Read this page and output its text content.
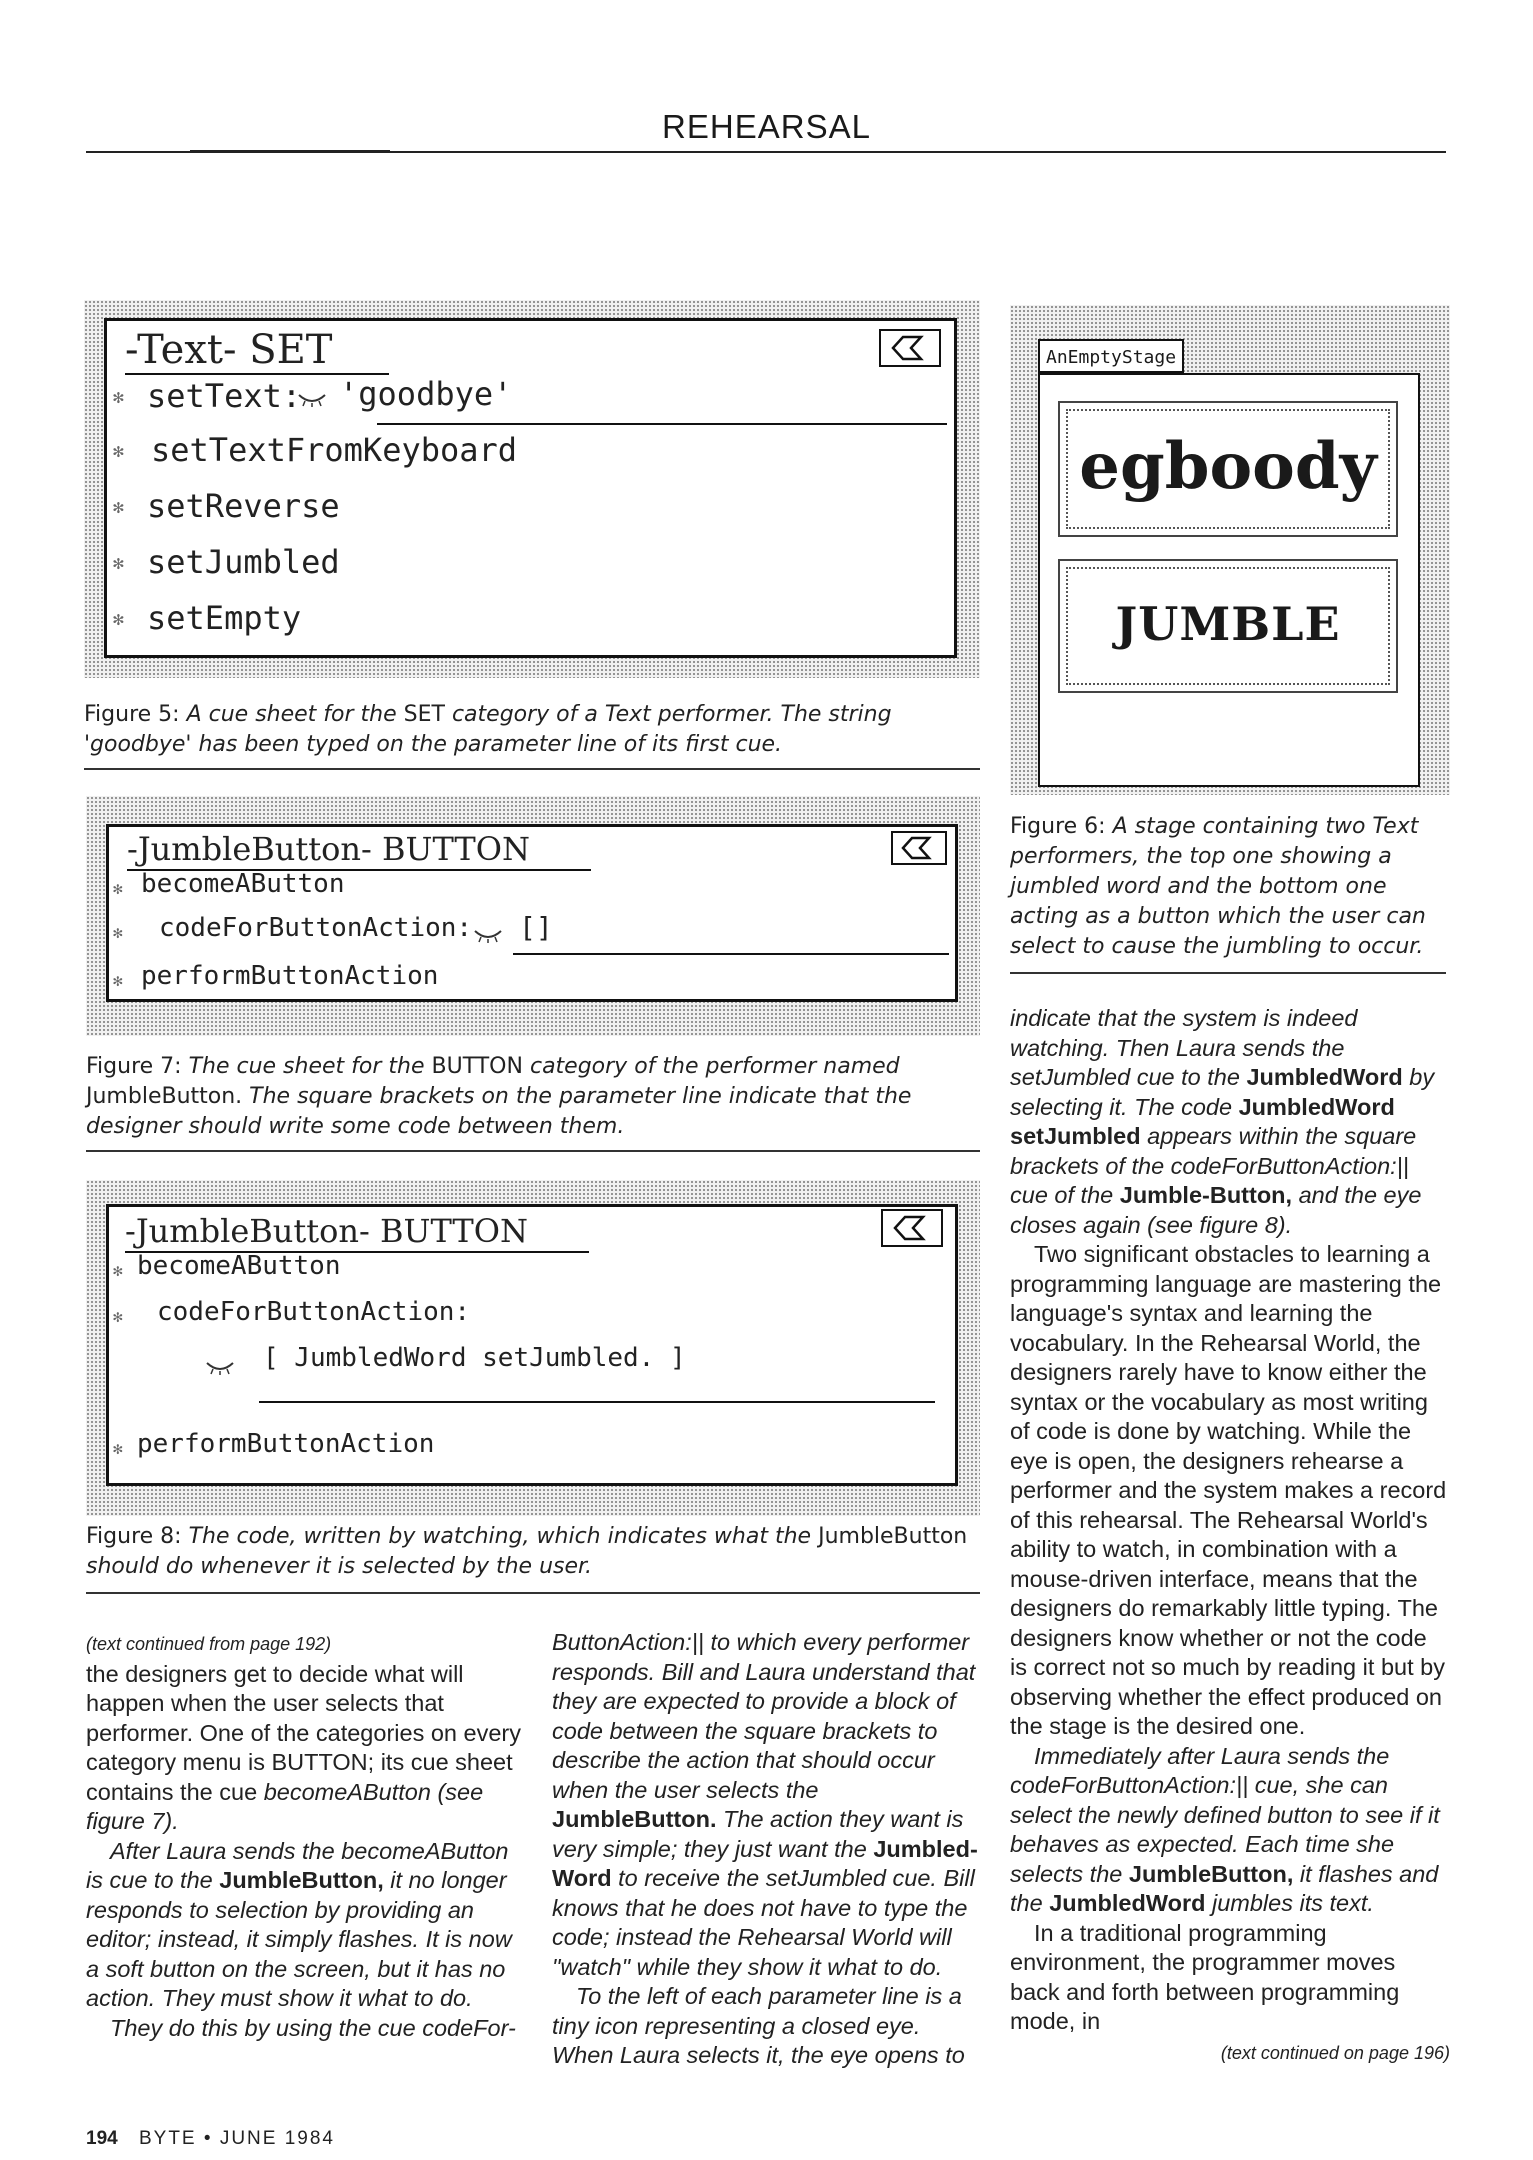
REHEARSAL
-Text- SET
✻ setText: 'goodbye'
✻ setTextFromKeyboard
✻ setReverse
✻ setJumbled
✻ setEmpty
Figure 5: A cue sheet for the SET category of a Text performer. The string 'goodbye' has been typed on the parameter line of its first cue.
AnEmptyStage
egboody
JUMBLE
Figure 6: A stage containing two Text performers, the top one showing a jumbled word and the bottom one acting as a button which the user can select to cause the jumbling to occur.
-JumbleButton- BUTTON
✻ becomeAButton
✻ codeForButtonAction: []
✻ performButtonAction
Figure 7: The cue sheet for the BUTTON category of the performer named JumbleButton. The square brackets on the parameter line indicate that the designer should write some code between them.
-JumbleButton- BUTTON
✻ becomeAButton
✻ codeForButtonAction:
[ JumbledWord setJumbled. ]
✻ performButtonAction
Figure 8: The code, written by watching, which indicates what the JumbleButton should do whenever it is selected by the user.

(text continued from page 192)

the designers get to decide what will happen when the user selects that performer. One of the categories on every category menu is BUTTON; its cue sheet contains the cue becomeAButton (see figure 7).

After Laura sends the becomeAButton is cue to the JumbleButton, it no longer responds to selection by providing an editor; instead, it simply flashes. It is now a soft button on the screen, but it has no action. They must show it what to do.

They do this by using the cue codeFor-

ButtonAction:|| to which every performer responds. Bill and Laura understand that they are expected to provide a block of code between the square brackets to describe the action that should occur when the user selects the JumbleButton. The action they want is very simple; they just want the Jumbled-Word to receive the setJumbled cue. Bill knows that he does not have to type the code; instead the Rehearsal World will "watch" while they show it what to do.

To the left of each parameter line is a tiny icon representing a closed eye. When Laura selects it, the eye opens to

indicate that the system is indeed watching. Then Laura sends the setJumbled cue to the JumbledWord by selecting it. The code JumbledWord setJumbled appears within the square brackets of the codeForButtonAction:|| cue of the Jumble-Button, and the eye closes again (see figure 8).

Two significant obstacles to learning a programming language are mastering the language's syntax and learning the vocabulary. In the Rehearsal World, the designers rarely have to know either the syntax or the vocabulary as most writing of code is done by watching. While the eye is open, the designers rehearse a performer and the system makes a record of this rehearsal. The Rehearsal World's ability to watch, in combination with a mouse-driven interface, means that the designers do remarkably little typing. The designers know whether or not the code is correct not so much by reading it but by observing whether the effect produced on the stage is the desired one.

Immediately after Laura sends the codeForButtonAction:|| cue, she can select the newly defined button to see if it behaves as expected. Each time she selects the JumbleButton, it flashes and the JumbledWord jumbles its text.

In a traditional programming environment, the programmer moves back and forth between programming mode, in

(text continued on page 196)

194 BYTE • JUNE 1984
